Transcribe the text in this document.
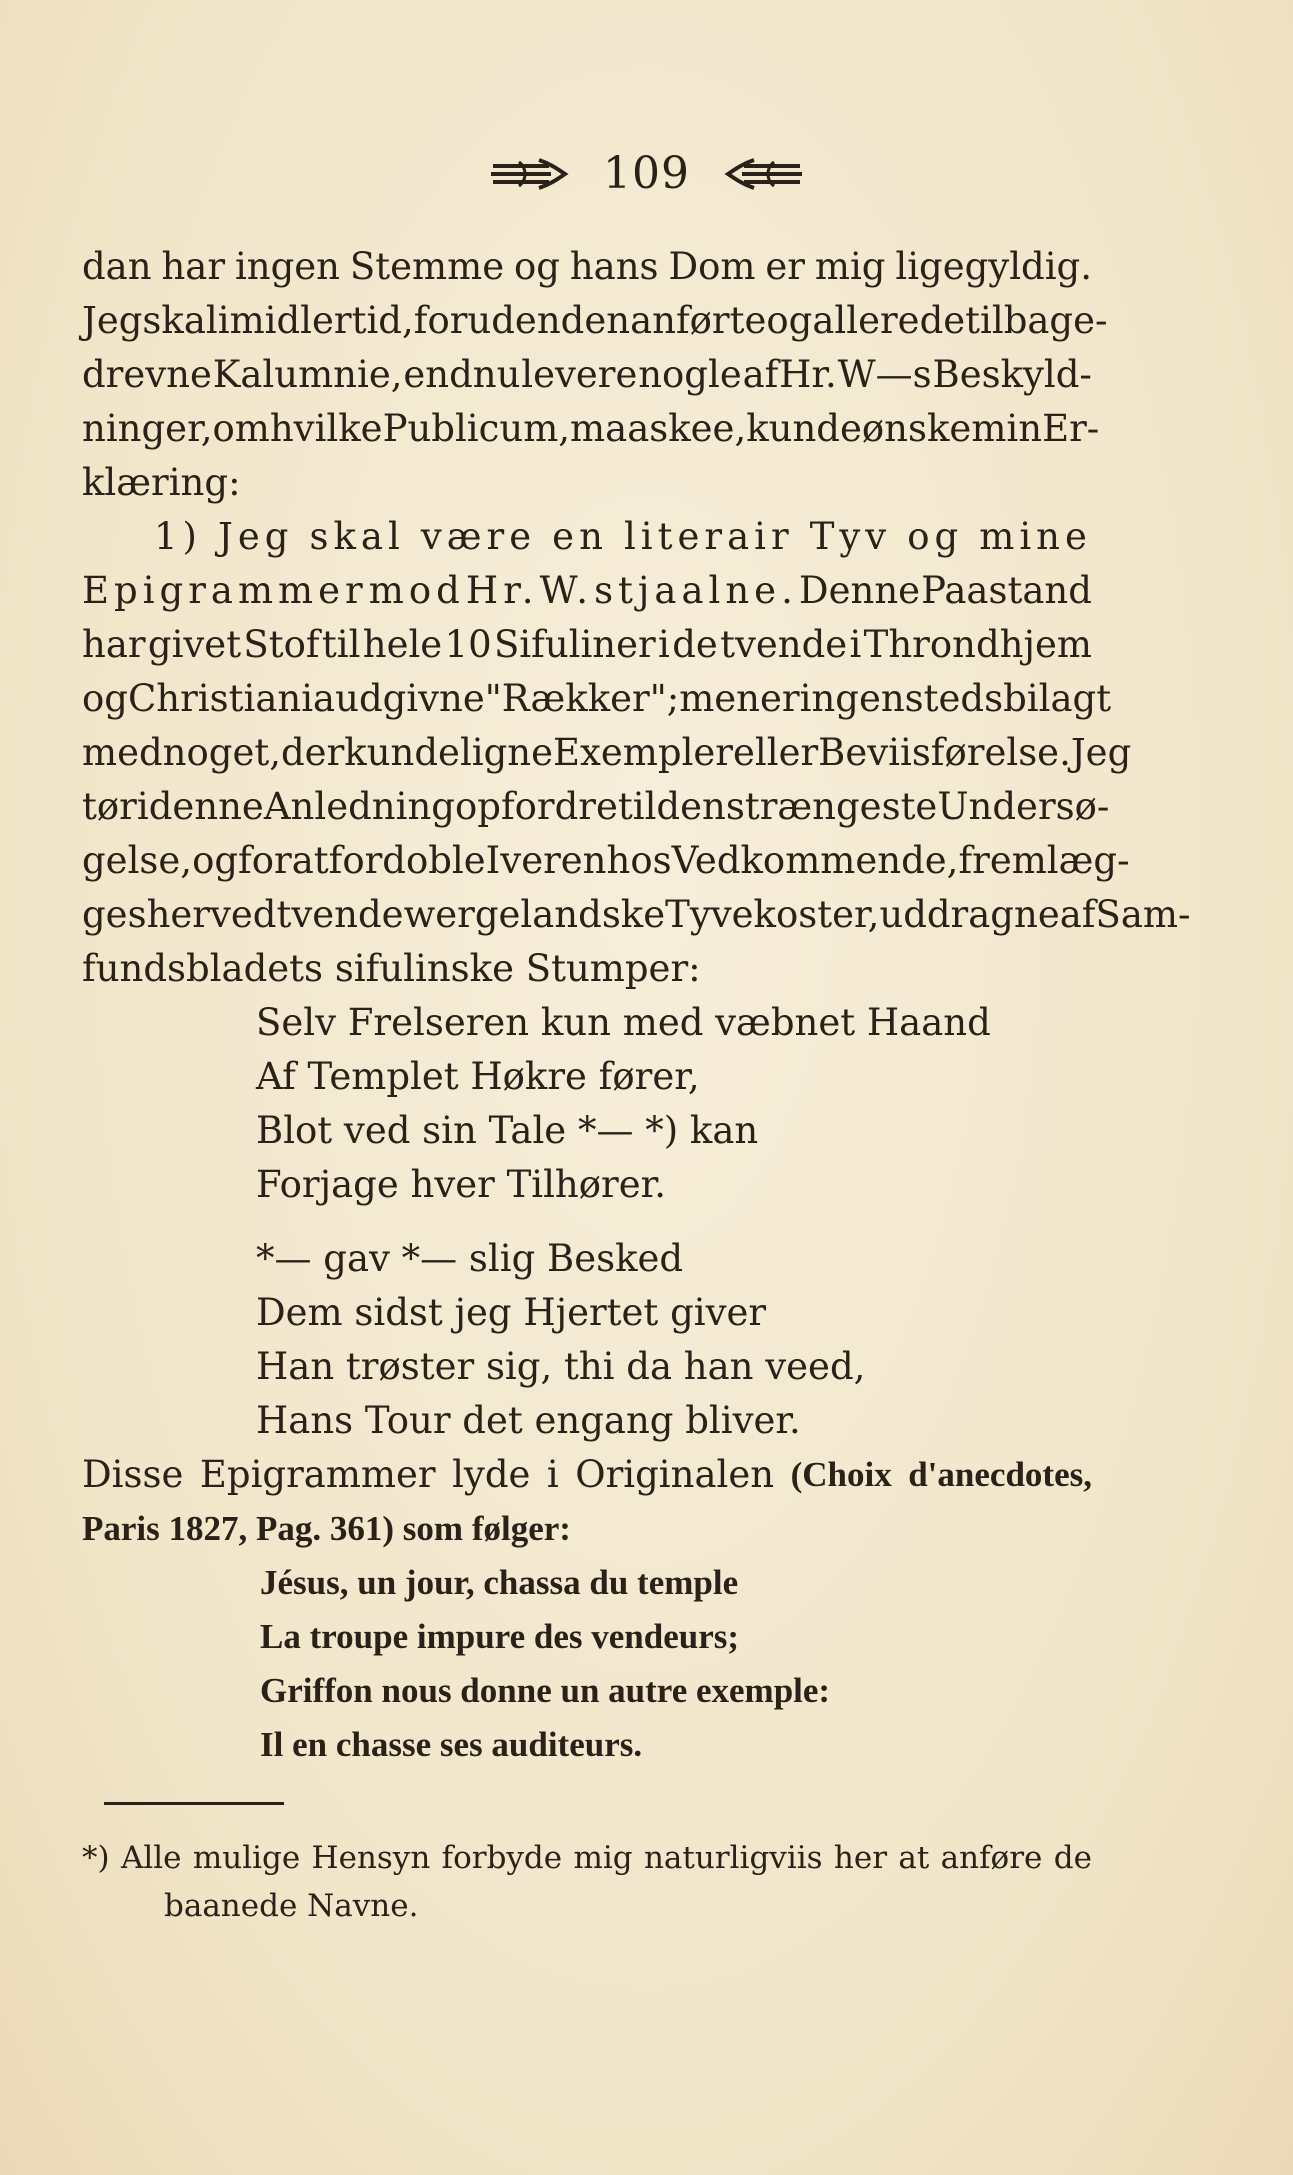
109
dan har ingen Stemme og hans Dom er mig ligegyldig.
Jeg skal imidlertid, foruden den anførte og allerede tilbage-
drevne Kalumnie, endnu levere nogle af Hr. W—s Beskyld-
ninger, om hvilke Publicum, maaskee, kunde ønske min Er-
klæring:
1) Jeg skal være en literair Tyv og mine
Epigrammer mod Hr. W. stjaalne. Denne Paastand
har givet Stof til hele 10 Sifuliner i de tvende i Throndhjem
og Christiania udgivne "Rækker"; men er ingensteds bilagt
med noget, der kunde ligne Exempler eller Beviisførelse. Jeg
tør i denne Anledning opfordre til den strængeste Undersø-
gelse, og forat fordoble Iveren hos Vedkommende, fremlæg-
ges herved tvende wergelandske Tyvekoster, uddragne af Sam-
fundsbladets sifulinske Stumper:
Selv Frelseren kun med væbnet Haand
Af Templet Høkre fører,
Blot ved sin Tale *— *) kan
Forjage hver Tilhører.
*— gav *— slig Besked
Dem sidst jeg Hjertet giver
Han trøster sig, thi da han veed,
Hans Tour det engang bliver.
Disse Epigrammer lyde i Originalen (Choix d'anecdotes,
Paris 1827, Pag. 361) som følger:
Jésus, un jour, chassa du temple
La troupe impure des vendeurs;
Griffon nous donne un autre exemple:
Il en chasse ses auditeurs.
*) Alle mulige Hensyn forbyde mig naturligviis her at anføre de
baanede Navne.
